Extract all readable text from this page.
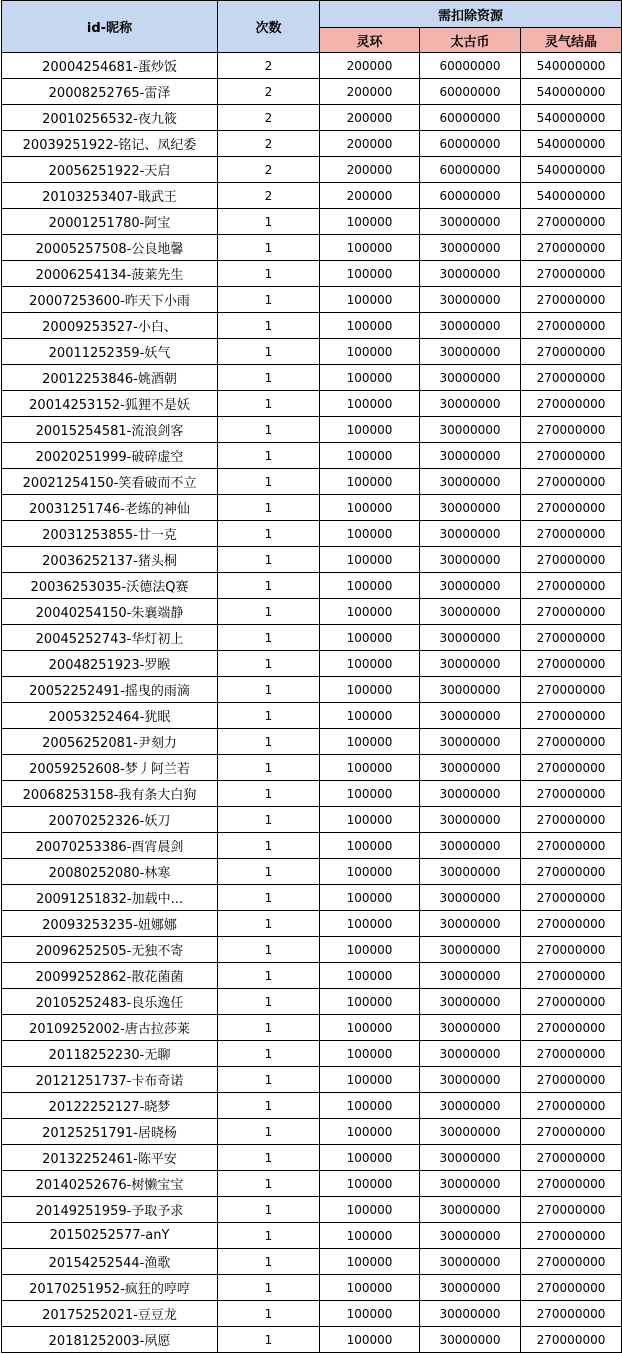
id-昵称	次数	需扣除资源		
		灵环	太古币	灵气结晶
20004254681-蛋炒饭	2	200000	60000000	540000000
20008252765-雷泽	2	200000	60000000	540000000
20010256532-夜九筱	2	200000	60000000	540000000
20039251922-铭记、凤纪委	2	200000	60000000	540000000
20056251922-天启	2	200000	60000000	540000000
20103253407-戢武王	2	200000	60000000	540000000
20001251780-阿宝	1	100000	30000000	270000000
20005257508-公良地馨	1	100000	30000000	270000000
20006254134-菠莱先生	1	100000	30000000	270000000
20007253600-昨天下小雨	1	100000	30000000	270000000
20009253527-小白、	1	100000	30000000	270000000
20011252359-妖气	1	100000	30000000	270000000
20012253846-姚酒朝	1	100000	30000000	270000000
20014253152-狐狸不是妖	1	100000	30000000	270000000
20015254581-流浪剑客	1	100000	30000000	270000000
20020251999-破碎虚空	1	100000	30000000	270000000
20021254150-笑看破而不立	1	100000	30000000	270000000
20031251746-老练的神仙	1	100000	30000000	270000000
20031253855-廿一克	1	100000	30000000	270000000
20036252137-猪头桐	1	100000	30000000	270000000
20036253035-沃德法Q赛	1	100000	30000000	270000000
20040254150-朱襄端静	1	100000	30000000	270000000
20045252743-华灯初上	1	100000	30000000	270000000
20048251923-罗睺	1	100000	30000000	270000000
20052252491-摇曳的雨滴	1	100000	30000000	270000000
20053252464-犹眠	1	100000	30000000	270000000
20056252081-尹刻力	1	100000	30000000	270000000
20059252608-梦丿阿兰若	1	100000	30000000	270000000
20068253158-我有条大白狗	1	100000	30000000	270000000
20070252326-妖刀	1	100000	30000000	270000000
20070253386-酉宵晨剑	1	100000	30000000	270000000
20080252080-林寒	1	100000	30000000	270000000
20091251832-加载中...	1	100000	30000000	270000000
20093253235-妞娜娜	1	100000	30000000	270000000
20096252505-无独不寄	1	100000	30000000	270000000
20099252862-散花菌菌	1	100000	30000000	270000000
20105252483-良乐逸任	1	100000	30000000	270000000
20109252002-唐古拉莎莱	1	100000	30000000	270000000
20118252230-无聊	1	100000	30000000	270000000
20121251737-卡布奇诺	1	100000	30000000	270000000
20122252127-晓梦	1	100000	30000000	270000000
20125251791-居晓杨	1	100000	30000000	270000000
20132252461-陈平安	1	100000	30000000	270000000
20140252676-树懒宝宝	1	100000	30000000	270000000
20149251959-予取予求	1	100000	30000000	270000000
20150252577-anY	1	100000	30000000	270000000
20154252544-渔歌	1	100000	30000000	270000000
20170251952-疯狂的哼哼	1	100000	30000000	270000000
20175252021-豆豆龙	1	100000	30000000	270000000
20181252003-夙愿	1	100000	30000000	270000000
